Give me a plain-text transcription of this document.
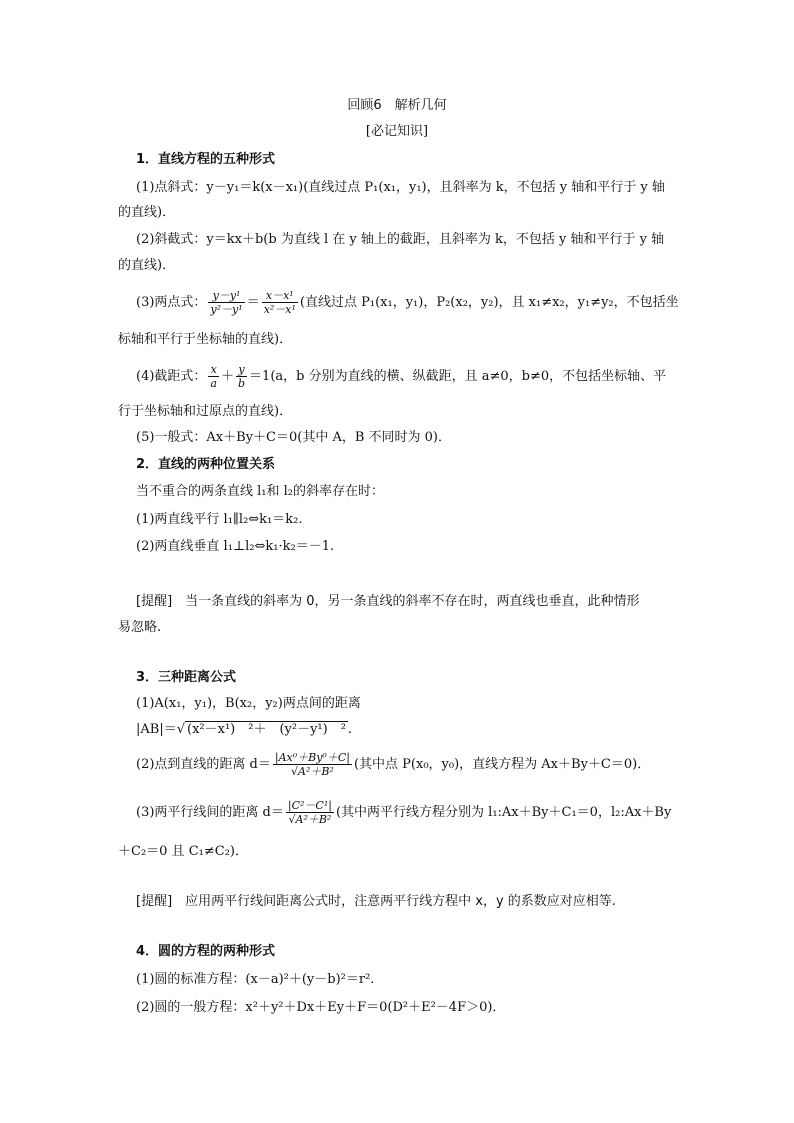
回顾6　解析几何
[必记知识]
1．直线方程的五种形式
(1)点斜式：y－y₁＝k(x－x₁)(直线过点 P₁(x₁，y₁)，且斜率为 k，不包括 y 轴和平行于 y 轴
的直线)．
(2)斜截式：y＝kx＋b(b 为直线 l 在 y 轴上的截距，且斜率为 k，不包括 y 轴和平行于 y 轴
的直线)．
(3)两点式： $\frac{\text{y－y¹}}{\text{y²－y¹}} = \frac{\text{x－x¹}}{\text{x²－x¹}}$ (直线过点 P₁(x₁，y₁)，P₂(x₂，y₂)，且 x₁≠x₂，y₁≠y₂，不包括坐
标轴和平行于坐标轴的直线)．
(4)截距式： $\frac{x}{a} + \frac{y}{b} =1(a$，b 分别为直线的横、纵截距，且 a≠0，b≠0，不包括坐标轴、平
行于坐标轴和过原点的直线)．
(5)一般式：Ax＋By＋C＝0(其中 A，B 不同时为 0)．
2．直线的两种位置关系
当不重合的两条直线 l₁和 l₂的斜率存在时：
(1)两直线平行 l₁∥l₂⇔k₁＝k₂.
(2)两直线垂直 l₁⊥l₂⇔k₁·k₂＝－1.
[提醒]　当一条直线的斜率为 0，另一条直线的斜率不存在时，两直线也垂直，此种情形
易忽略.
3．三种距离公式
(1)A(x₁，y₁)，B(x₂，y₂)两点间的距离
|AB|＝√ (x²－x¹)　²＋　(y²－y¹)　² .
(2)点到直线的距离 $d= \frac{\text{|Ax⁰＋By⁰＋C|}}{\text{√A²＋B²}}$ (其中点 P(x₀，y₀)，直线方程为 Ax＋By＋C＝0)．
(3)两平行线间的距离 $d= \frac{\text{|C²－C¹|}}{\text{√A²＋B²}}$ (其中两平行线方程分别为 l₁:Ax＋By＋C₁＝0，l₂:Ax＋By
＋C₂＝0 且 C₁≠C₂)．
[提醒]　应用两平行线间距离公式时，注意两平行线方程中 x，y 的系数应对应相等.
4．圆的方程的两种形式
(1)圆的标准方程：(x－a)²＋(y－b)²＝r².
(2)圆的一般方程：x²＋y²＋Dx＋Ey＋F＝0(D²＋E²－4F＞0)．
